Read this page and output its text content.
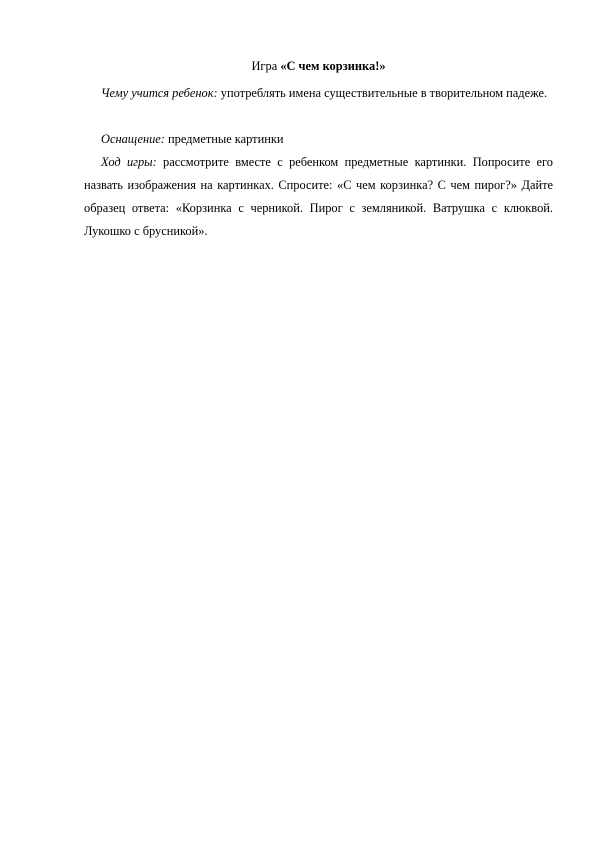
Игра «С чем корзинка!»

Чему учится ребенок: употреблять имена существительные в творительном падеже.

Оснащение: предметные картинки

Ход игры: рассмотрите вместе с ребенком предметные картинки. Попросите его назвать изображения на картинках. Спросите: «С чем корзинка? С чем пирог?» Дайте образец ответа: «Корзинка с черникой. Пирог с земляникой. Ватрушка с клюквой. Лукошко с брусникой».
